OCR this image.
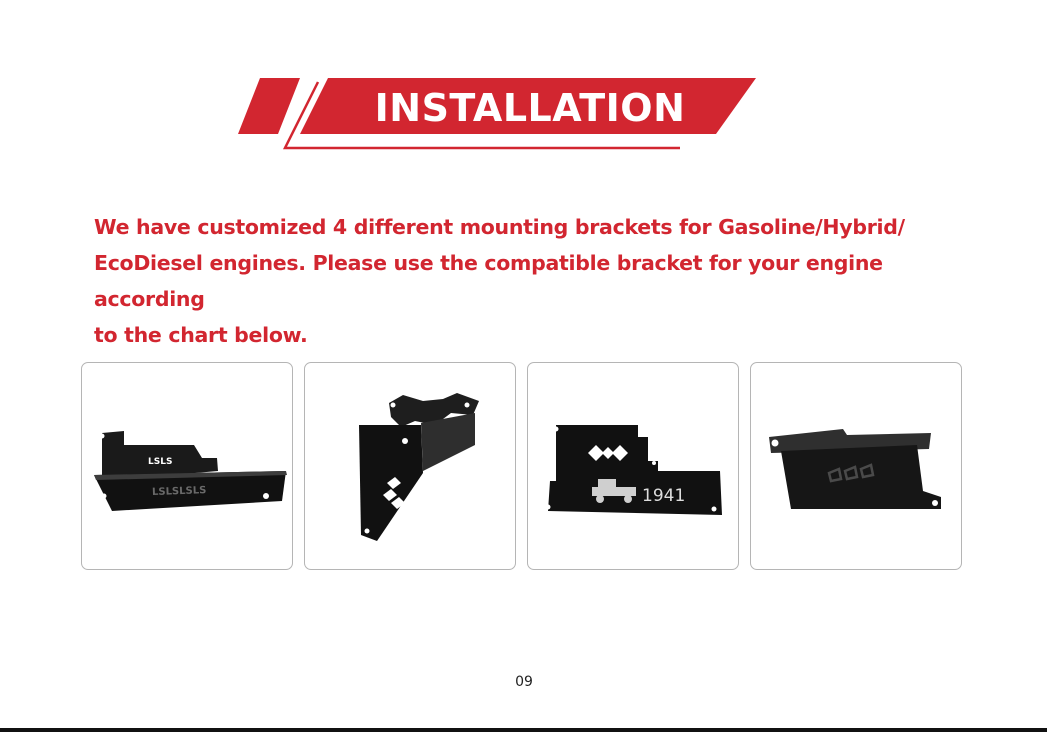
INSTALLATION

We have customized 4 different mounting brackets for Gasoline/Hybrid/
EcoDiesel engines. Please use the compatible bracket for your engine according
to the chart below.

LSLS
LSLSLSLS	1941
09
